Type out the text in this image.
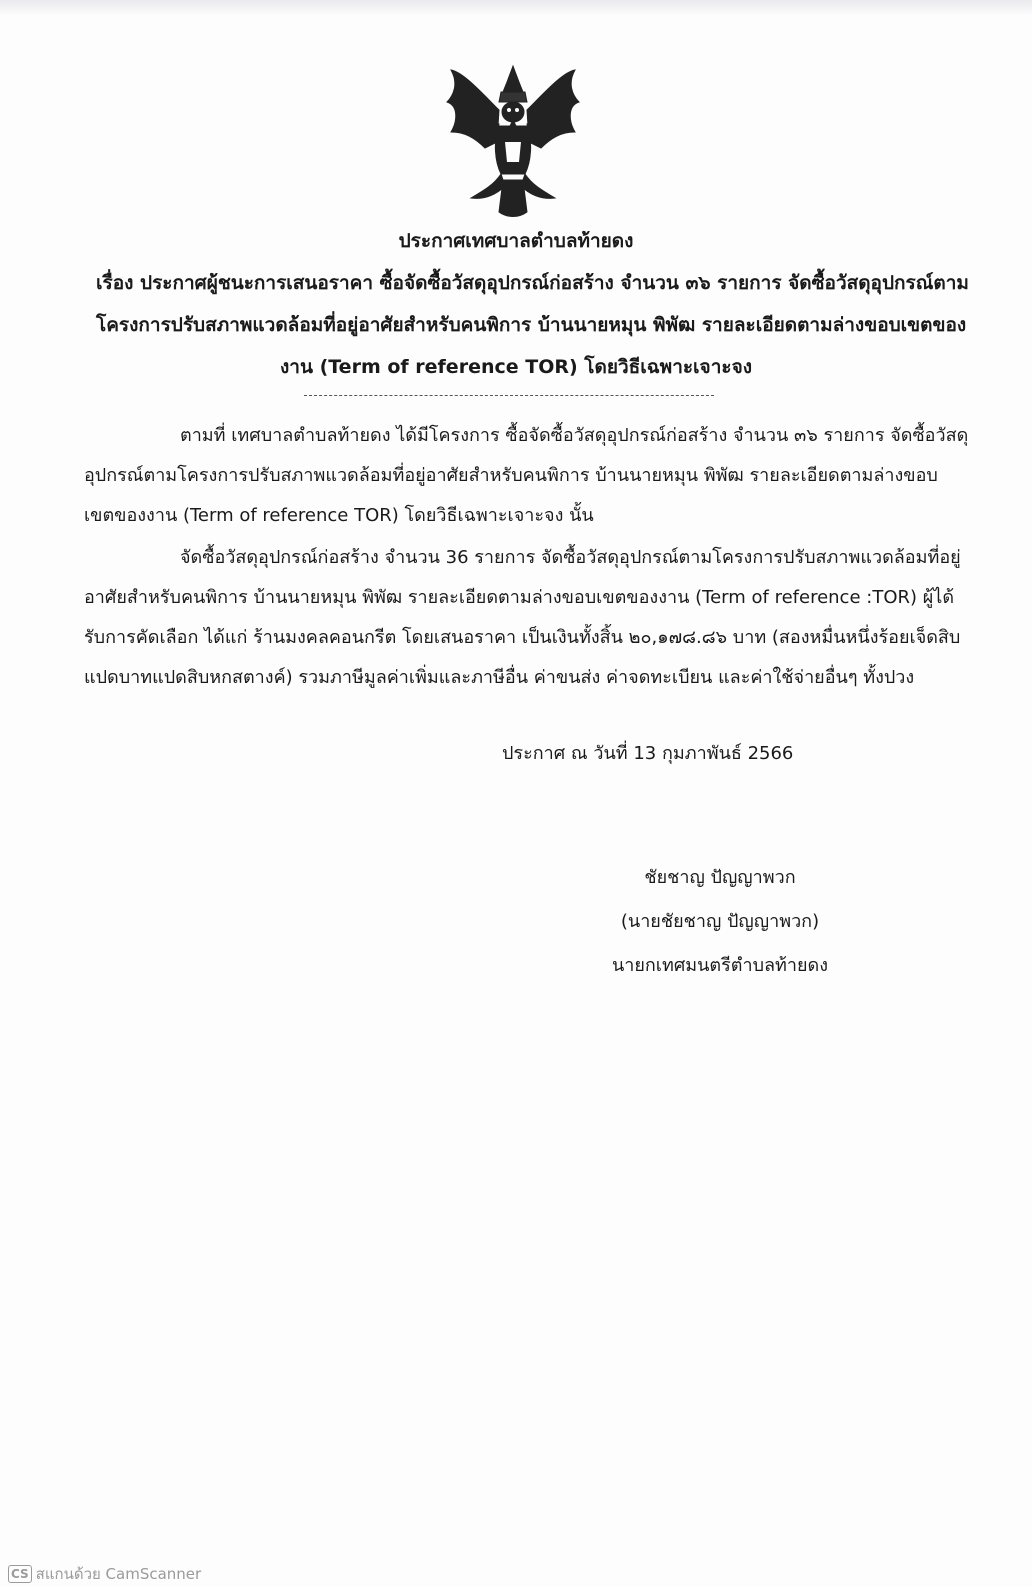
ประกาศเทศบาลตำบลท้ายดง
เรื่อง ประกาศผู้ชนะการเสนอราคา ซื้อจัดซื้อวัสดุอุปกรณ์ก่อสร้าง จำนวน ๓๖ รายการ จัดซื้อวัสดุอุปกรณ์ตาม
โครงการปรับสภาพแวดล้อมที่อยู่อาศัยสำหรับคนพิการ บ้านนายหมุน พิพัฒ รายละเอียดตามล่างขอบเขตของ
งาน (Term of reference TOR) โดยวิธีเฉพาะเจาะจง
ตามที่ เทศบาลตำบลท้ายดง ได้มีโครงการ ซื้อจัดซื้อวัสดุอุปกรณ์ก่อสร้าง จำนวน ๓๖ รายการ จัดซื้อวัสดุ
อุปกรณ์ตามโครงการปรับสภาพแวดล้อมที่อยู่อาศัยสำหรับคนพิการ บ้านนายหมุน พิพัฒ รายละเอียดตามล่างขอบ
เขตของงาน (Term of reference TOR) โดยวิธีเฉพาะเจาะจง นั้น
จัดซื้อวัสดุอุปกรณ์ก่อสร้าง จำนวน 36 รายการ จัดซื้อวัสดุอุปกรณ์ตามโครงการปรับสภาพแวดล้อมที่อยู่
อาศัยสำหรับคนพิการ บ้านนายหมุน พิพัฒ รายละเอียดตามล่างขอบเขตของงาน (Term of reference :TOR) ผู้ได้
รับการคัดเลือก ได้แก่ ร้านมงคลคอนกรีต โดยเสนอราคา เป็นเงินทั้งสิ้น ๒๐,๑๗๘.๘๖ บาท (สองหมื่นหนึ่งร้อยเจ็ดสิบ
แปดบาทแปดสิบหกสตางค์) รวมภาษีมูลค่าเพิ่มและภาษีอื่น ค่าขนส่ง ค่าจดทะเบียน และค่าใช้จ่ายอื่นๆ ทั้งปวง
ประกาศ ณ วันที่ 13 กุมภาพันธ์ 2566
ชัยชาญ ปัญญาพวก
(นายชัยชาญ ปัญญาพวก)
นายกเทศมนตรีตำบลท้ายดง
CS สแกนด้วย CamScanner
